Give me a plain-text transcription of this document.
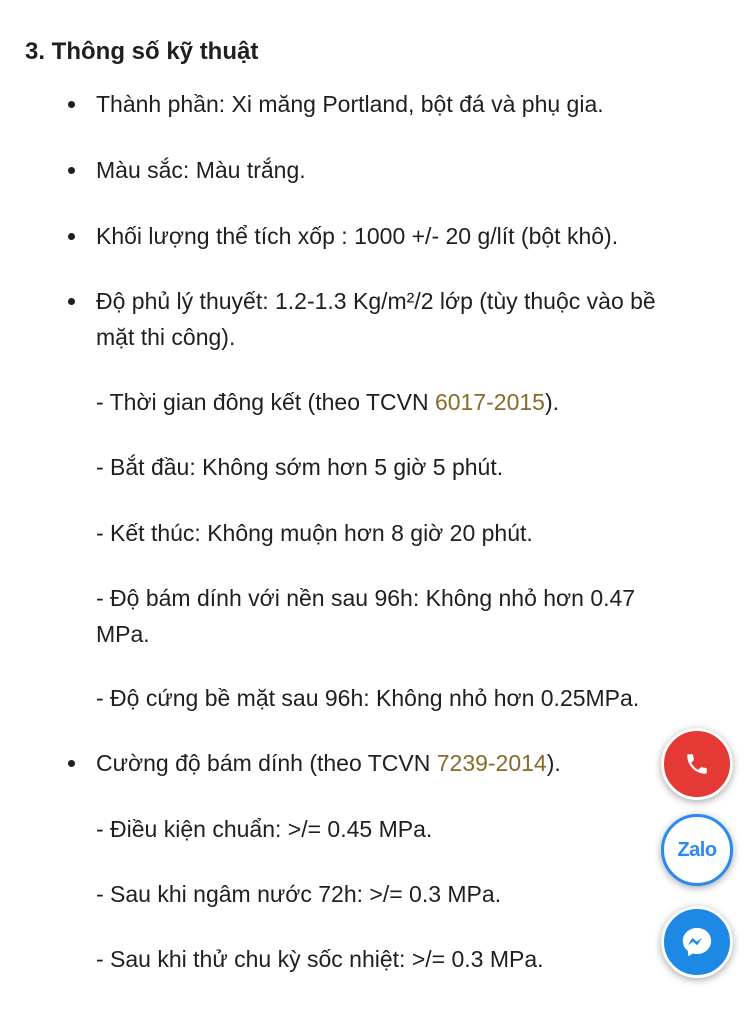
3. Thông số kỹ thuật
Thành phần: Xi măng Portland, bột đá và phụ gia.
Màu sắc: Màu trắng.
Khối lượng thể tích xốp : 1000 +/- 20 g/lít (bột khô).
Độ phủ lý thuyết: 1.2-1.3 Kg/m²/2 lớp (tùy thuộc vào bề
mặt thi công).
- Thời gian đông kết (theo TCVN 6017-2015).
- Bắt đầu: Không sớm hơn 5 giờ 5 phút.
- Kết thúc: Không muộn hơn 8 giờ 20 phút.
- Độ bám dính với nền sau 96h: Không nhỏ hơn 0.47
MPa.
- Độ cứng bề mặt sau 96h: Không nhỏ hơn 0.25MPa.
Cường độ bám dính (theo TCVN 7239-2014).
- Điều kiện chuẩn: >/= 0.45 MPa.
- Sau khi ngâm nước 72h: >/= 0.3 MPa.
- Sau khi thử chu kỳ sốc nhiệt: >/= 0.3 MPa.
Zalo
